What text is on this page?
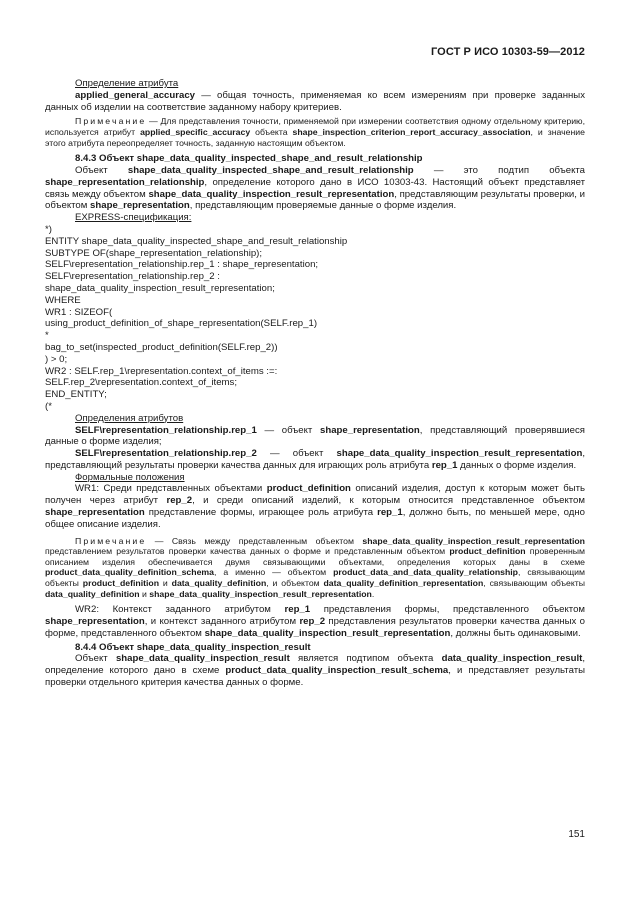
ГОСТ Р ИСО 10303-59—2012

Определение атрибута

applied_general_accuracy — общая точность, применяемая ко всем измерениям при проверке заданных данных об изделии на соответствие заданному набору критериев.

Примечание — Для представления точности, применяемой при измерении соответствия одному отдельному критерию, используется атрибут applied_specific_accuracy объекта shape_inspection_criterion_report_accuracy_association, и значение этого атрибута переопределяет точность, заданную настоящим объектом.

8.4.3 Объект shape_data_quality_inspected_shape_and_result_relationship

Объект shape_data_quality_inspected_shape_and_result_relationship — это подтип объекта shape_representation_relationship, определение которого дано в ИСО 10303-43. Настоящий объект представляет связь между объектом shape_data_quality_inspection_result_representation, представляющим результаты проверки, и объектом shape_representation, представляющим проверяемые данные о форме изделия.

EXPRESS-спецификация:

*)

ENTITY shape_data_quality_inspected_shape_and_result_relationship

SUBTYPE OF(shape_representation_relationship);

SELF\representation_relationship.rep_1 : shape_representation;

SELF\representation_relationship.rep_2 :

shape_data_quality_inspection_result_representation;

WHERE

WR1 : SIZEOF(

using_product_definition_of_shape_representation(SELF.rep_1)

*

bag_to_set(inspected_product_definition(SELF.rep_2))

) > 0;

WR2 : SELF.rep_1\representation.context_of_items :=:

SELF.rep_2\representation.context_of_items;

END_ENTITY;

(*

Определения атрибутов

SELF\representation_relationship.rep_1 — объект shape_representation, представляющий проверявшиеся данные о форме изделия;

SELF\representation_relationship.rep_2 — объект shape_data_quality_inspection_result_representation, представляющий результаты проверки качества данных для играющих роль атрибута rep_1 данных о форме изделия.

Формальные положения

WR1: Среди представленных объектами product_definition описаний изделия, доступ к которым может быть получен через атрибут rep_2, и среди описаний изделий, к которым относится представленное объектом shape_representation представление формы, играющее роль атрибута rep_1, должно быть, по меньшей мере, одно общее описание изделия.

Примечание — Связь между представленным объектом shape_data_quality_inspection_result_representation представлением результатов проверки качества данных о форме и представленным объектом product_definition проверенным описанием изделия обеспечивается двумя связывающими объектами, определения которых даны в схеме product_data_quality_definition_schema, а именно — объектом product_data_and_data_quality_relationship, связывающим объекты product_definition и data_quality_definition, и объектом data_quality_definition_representation, связывающим объекты data_quality_definition и shape_data_quality_inspection_result_representation.

WR2: Контекст заданного атрибутом rep_1 представления формы, представленного объектом shape_representation, и контекст заданного атрибутом rep_2 представления результатов проверки качества данных о форме, представленного объектом shape_data_quality_inspection_result_representation, должны быть одинаковыми.

8.4.4 Объект shape_data_quality_inspection_result

Объект shape_data_quality_inspection_result является подтипом объекта data_quality_inspection_result, определение которого дано в схеме product_data_quality_inspection_result_schema, и представляет результаты проверки отдельного критерия качества данных о форме.

151
